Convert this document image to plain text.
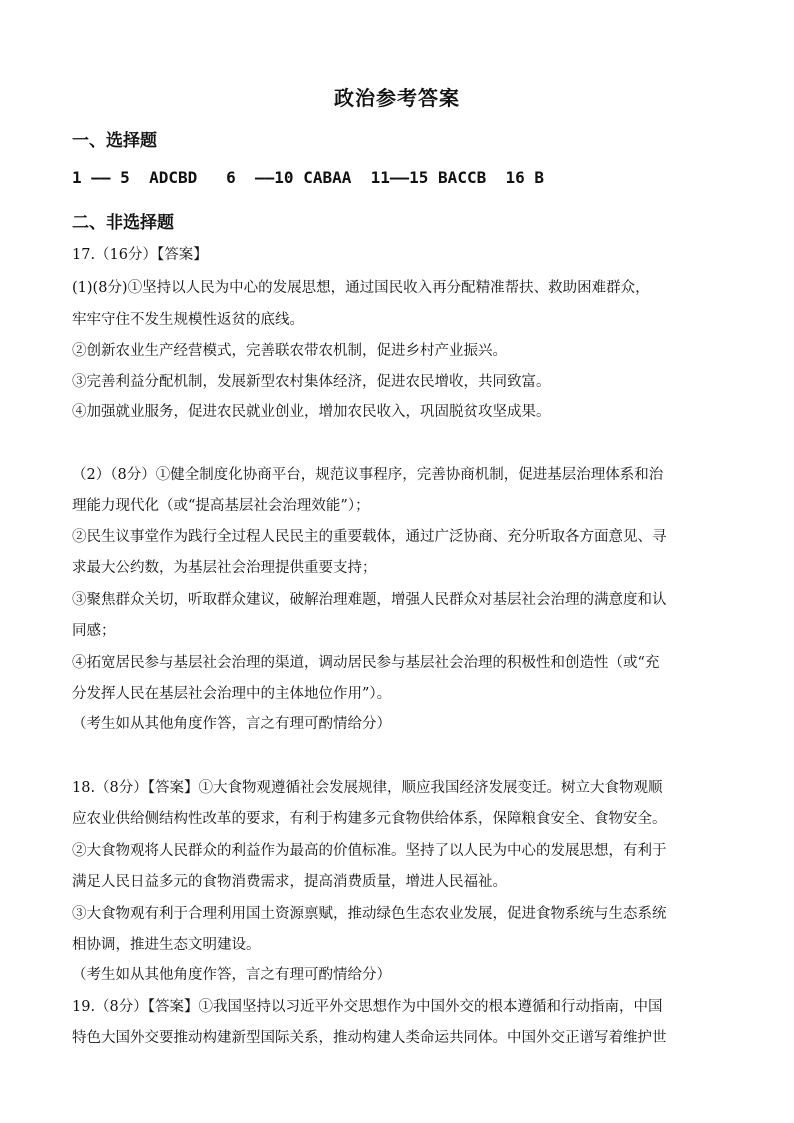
政治参考答案
一、选择题
1 —— 5  ADCBD   6  ——10 CABAA  11——15 BACCB  16 B
二、非选择题
17.（16分）【答案】
(1)(8分)①坚持以人民为中心的发展思想，通过国民收入再分配精准帮扶、救助困难群众，
牢牢守住不发生规模性返贫的底线。
②创新农业生产经营模式，完善联农带农机制，促进乡村产业振兴。
③完善利益分配机制，发展新型农村集体经济，促进农民增收，共同致富。
④加强就业服务，促进农民就业创业，增加农民收入，巩固脱贫攻坚成果。
（2）（8分）①健全制度化协商平台，规范议事程序，完善协商机制，促进基层治理体系和治
理能力现代化（或“提高基层社会治理效能”）；
②民生议事堂作为践行全过程人民民主的重要载体，通过广泛协商、充分听取各方面意见、寻
求最大公约数，为基层社会治理提供重要支持；
③聚焦群众关切，听取群众建议，破解治理难题，增强人民群众对基层社会治理的满意度和认
同感；
④拓宽居民参与基层社会治理的渠道，调动居民参与基层社会治理的积极性和创造性（或“充
分发挥人民在基层社会治理中的主体地位作用”）。
（考生如从其他角度作答，言之有理可酌情给分）
18.（8分）【答案】①大食物观遵循社会发展规律，顺应我国经济发展变迁。树立大食物观顺
应农业供给侧结构性改革的要求，有利于构建多元食物供给体系，保障粮食安全、食物安全。
②大食物观将人民群众的利益作为最高的价值标准。坚持了以人民为中心的发展思想，有利于
满足人民日益多元的食物消费需求，提高消费质量，增进人民福祉。
③大食物观有利于合理利用国土资源禀赋，推动绿色生态农业发展，促进食物系统与生态系统
相协调，推进生态文明建设。
（考生如从其他角度作答，言之有理可酌情给分）
19.（8分）【答案】①我国坚持以习近平外交思想作为中国外交的根本遵循和行动指南，中国
特色大国外交要推动构建新型国际关系，推动构建人类命运共同体。中国外交正谱写着维护世
